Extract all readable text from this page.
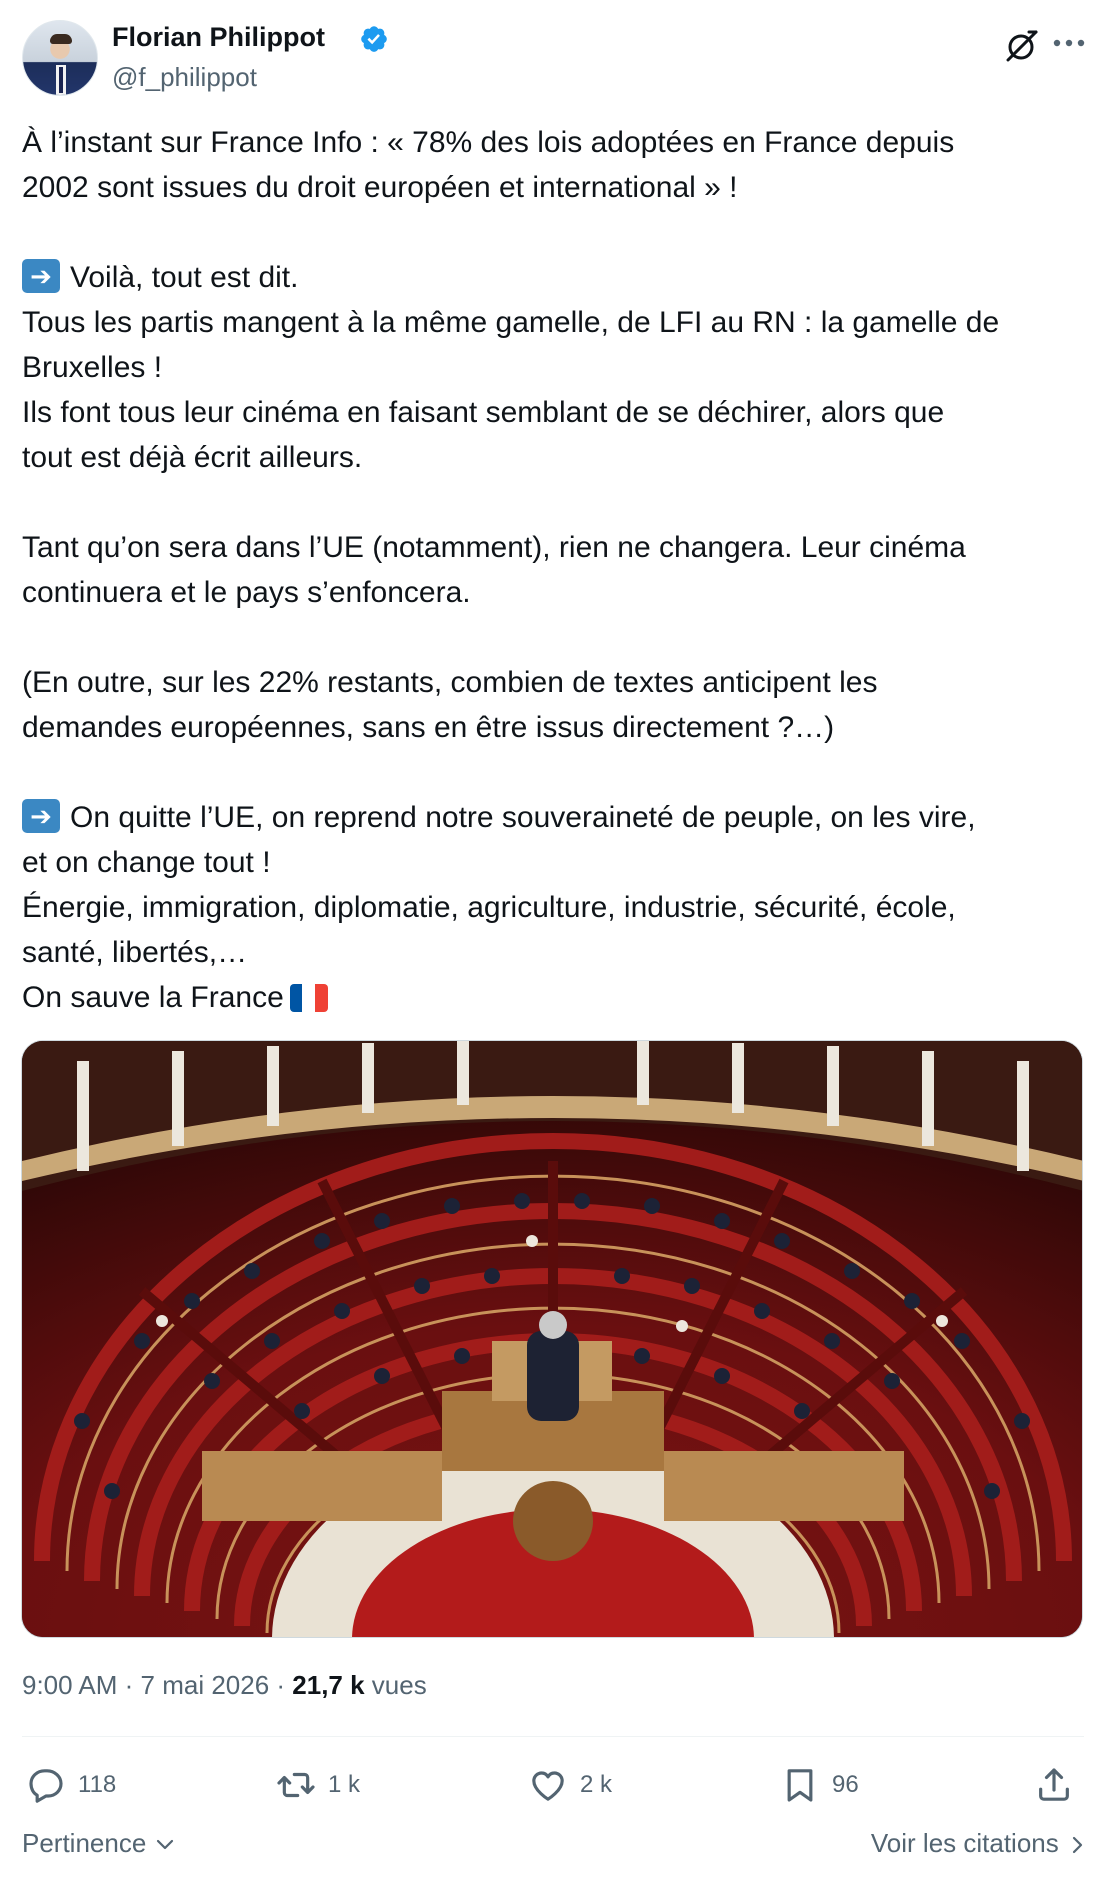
Florian Philippot
@f_philippot

À l’instant sur France Info : « 78% des lois adoptées en France depuis

2002 sont issues du droit européen et international » !

➔Voilà, tout est dit.

Tous les partis mangent à la même gamelle, de LFI au RN : la gamelle de

Bruxelles !

Ils font tous leur cinéma en faisant semblant de se déchirer, alors que

tout est déjà écrit ailleurs.

Tant qu’on sera dans l’UE (notamment), rien ne changera. Leur cinéma

continuera et le pays s’enfoncera.

(En outre, sur les 22% restants, combien de textes anticipent les

demandes européennes, sans en être issus directement ?…)

➔On quitte l’UE, on reprend notre souveraineté de peuple, on les vire,

et on change tout !

Énergie, immigration, diplomatie, agriculture, industrie, sécurité, école,

santé, libertés,…

On sauve la France

9:00 AM · 7 mai 2026 · 21,7 k vues
118	1 k	2 k	96
Pertinence	Voir les citations
